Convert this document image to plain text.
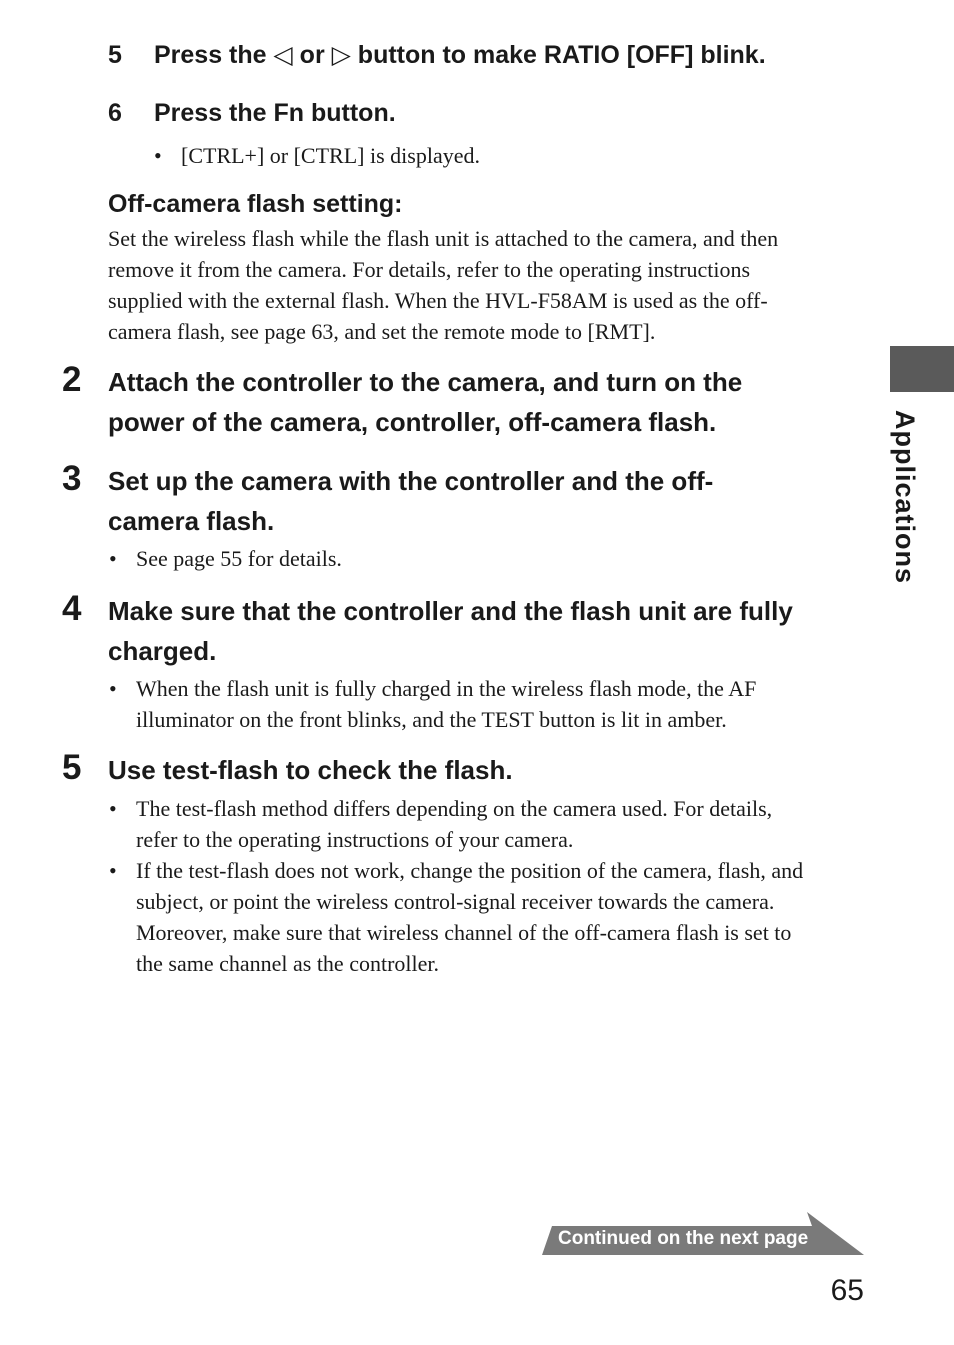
5 Press the ◁ or ▷ button to make RATIO [OFF] blink.
6 Press the Fn button.
• [CTRL+] or [CTRL] is displayed.
Off-camera flash setting:
Set the wireless flash while the flash unit is attached to the camera, and then
remove it from the camera. For details, refer to the operating instructions
supplied with the external flash. When the HVL-F58AM is used as the off-
camera flash, see page 63, and set the remote mode to [RMT].
2 Attach the controller to the camera, and turn on the
power of the camera, controller, off-camera flash.
3 Set up the camera with the controller and the off-
camera flash.
• See page 55 for details.
4 Make sure that the controller and the flash unit are fully
charged.
• When the flash unit is fully charged in the wireless flash mode, the AF
illuminator on the front blinks, and the TEST button is lit in amber.
5 Use test-flash to check the flash.
• The test-flash method differs depending on the camera used. For details,
refer to the operating instructions of your camera.
• If the test-flash does not work, change the position of the camera, flash, and
subject, or point the wireless control-signal receiver towards the camera.
Moreover, make sure that wireless channel of the off-camera flash is set to
the same channel as the controller.
Applications
Continued on the next page
65
